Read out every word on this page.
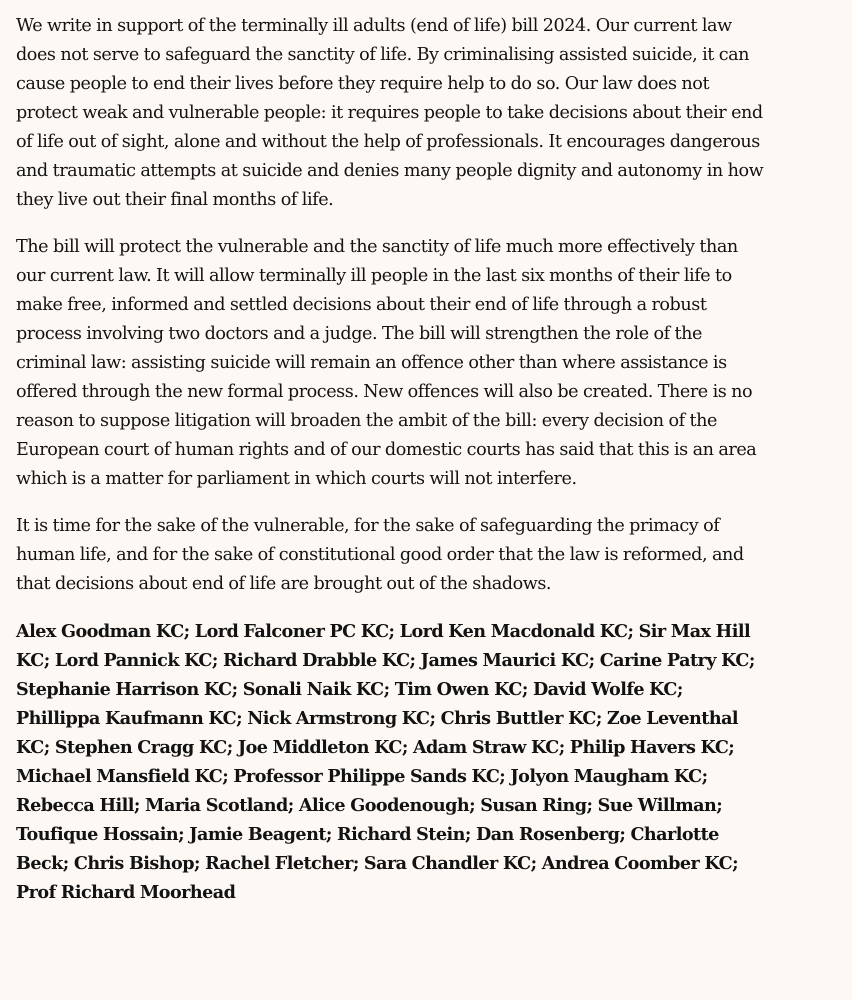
We write in support of the terminally ill adults (end of life) bill 2024. Our current law does not serve to safeguard the sanctity of life. By criminalising assisted suicide, it can cause people to end their lives before they require help to do so. Our law does not protect weak and vulnerable people: it requires people to take decisions about their end of life out of sight, alone and without the help of professionals. It encourages dangerous and traumatic attempts at suicide and denies many people dignity and autonomy in how they live out their final months of life.

The bill will protect the vulnerable and the sanctity of life much more effectively than our current law. It will allow terminally ill people in the last six months of their life to make free, informed and settled decisions about their end of life through a robust process involving two doctors and a judge. The bill will strengthen the role of the criminal law: assisting suicide will remain an offence other than where assistance is offered through the new formal process. New offences will also be created. There is no reason to suppose litigation will broaden the ambit of the bill: every decision of the European court of human rights and of our domestic courts has said that this is an area which is a matter for parliament in which courts will not interfere.

It is time for the sake of the vulnerable, for the sake of safeguarding the primacy of human life, and for the sake of constitutional good order that the law is reformed, and that decisions about end of life are brought out of the shadows.

Alex Goodman KC; Lord Falconer PC KC; Lord Ken Macdonald KC; Sir Max Hill KC; Lord Pannick KC; Richard Drabble KC; James Maurici KC; Carine Patry KC; Stephanie Harrison KC; Sonali Naik KC; Tim Owen KC; David Wolfe KC; Phillippa Kaufmann KC; Nick Armstrong KC; Chris Buttler KC; Zoe Leventhal KC; Stephen Cragg KC; Joe Middleton KC; Adam Straw KC; Philip Havers KC; Michael Mansfield KC; Professor Philippe Sands KC; Jolyon Maugham KC; Rebecca Hill; Maria Scotland; Alice Goodenough; Susan Ring; Sue Willman; Toufique Hossain; Jamie Beagent; Richard Stein; Dan Rosenberg; Charlotte Beck; Chris Bishop; Rachel Fletcher; Sara Chandler KC; Andrea Coomber KC; Prof Richard Moorhead
